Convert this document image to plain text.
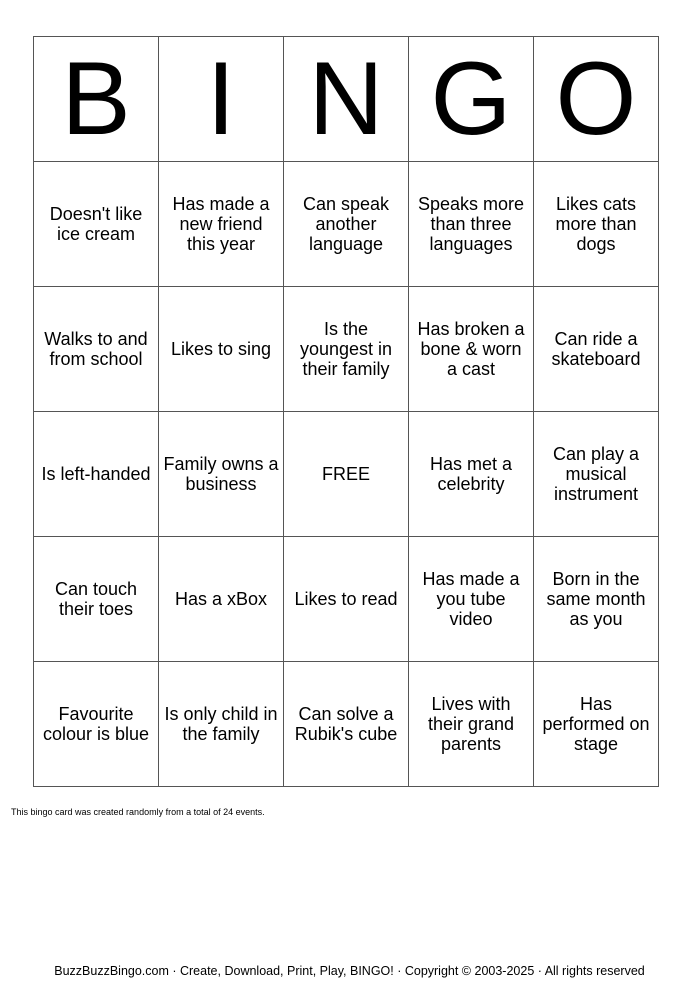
B	I	N	G	O
Doesn't like ice cream	Has made a new friend this year	Can speak another language	Speaks more than three languages	Likes cats more than dogs
Walks to and from school	Likes to sing	Is the youngest in their family	Has broken a bone & worn a cast	Can ride a skateboard
Is left-handed	Family owns a business	FREE	Has met a celebrity	Can play a musical instrument
Can touch their toes	Has a xBox	Likes to read	Has made a you tube video	Born in the same month as you
Favourite colour is blue	Is only child in the family	Can solve a Rubik's cube	Lives with their grand parents	Has performed on stage
This bingo card was created randomly from a total of 24 events.
BuzzBuzzBingo.com · Create, Download, Print, Play, BINGO! · Copyright © 2003-2025 · All rights reserved
